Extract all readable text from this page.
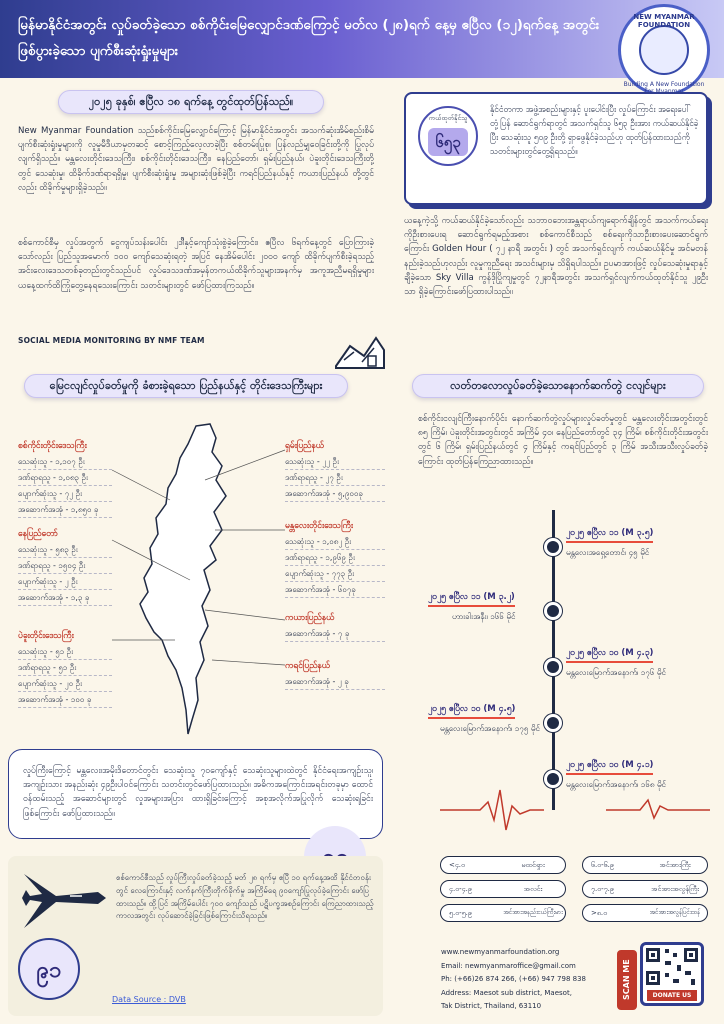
မြန်မာနိုင်ငံအတွင်း လှုပ်ခတ်ခဲ့သော စစ်ကိုင်းမြေလျှောင်ဒဏ်ကြောင့် မတ်လ (၂၈)ရက် နေ့မှ ဧပြီလ (၁၂)ရက်နေ့ အတွင်း ဖြစ်ပွားခဲ့သော ပျက်စီးဆုံးရှုံးမှုများ
NEW MYANMAR FOUNDATION
Building A New Foundation
၂၀၂၅ ခုနှစ်၊ ဧပြီလ ၁၈ ရက်နေ့ တွင်ထုတ်ပြန်သည်။
New Myanmar Foundation သည်စစ်ကိုင်းမြေလျှောင်ကြောင့် မြန်မာနိုင်ငံအတွင်း အသက်ဆုံးအိမ်စည်းစိမ် ပျက်စီးဆုံးရှုံးမှုများကို လူမှုမီဒီယာမှတဆင့် စောင့်ကြည့်လေ့လာခဲ့ပြီး စစ်တမ်းပြုစု၊ ပြန်လည်မျှဝေခြင်းတို့ကို ပြုလုပ်လျက်ရှိသည်။ မန္တလေးတိုင်းဒေသကြီး၊ စစ်ကိုင်းတိုင်းဒေသကြီး၊ နေပြည်တော်၊ ရှမ်းပြည်နယ်၊ ပဲခူးတိုင်းဒေသကြီးတို့တွင် သေဆုံးမှု၊ ထိခိုက်ဒဏ်ရာရရှိမှု၊ ပျက်စီးဆုံးရှုံးမှု အများဆုံးဖြစ်ခဲ့ပြီး ကရင်ပြည်နယ်နှင့် ကယားပြည်နယ် တို့တွင်လည်း ထိခိုက်မှုများရှိခဲ့သည်။
စစ်ကောင်စီမှ လှုပ်အတွက် ငွေကျပ်သန်းပေါင်း ၂ဒါီနှင့်ကျော်သုံးစွဲခဲ့ကြောင်း၊ ဧပြီလ ၆ရက်နေ့တွင် ပြောကြားခဲ့သော်လည်း ပြည်သူအမောက် ၁၀၀ ကျော်သေဆုံးရတဲ့ အပြင် နေအိမ်ပေါင်း ၂၀၀၀ ကျော် ထိခိုက်ပျက်စီးခဲ့ရသည့် အင်းလေးဒေသတစ်ခုတည်းတွင်သည်ပင် လှုပ်ဒေသဒဏ်အမှန်တကယ်ထိခိုက်သူများအနက်မှ အကူအညီမရရှိမှုများ ယနေ့ထက်ထိကြုံတွေ့နေရသေးကြောင်း သတင်းများတွင် ဖော်ပြထားကြသည်။
SOCIAL MEDIA MONITORING BY NMF TEAM
ကယ်ထုတ်နိုင်သူ
၆၅၃
နိုင်ငံတကာ အဖွဲ့အစည်းများနှင့် ပူးပေါင်းပြီး လှုပ်ကြောင်း အရေးပေါ် တုံ့ပြန် ဆောင်ရွက်ရာတွင် အသက်ရှင်သူ ၆၅၃ ဦးအား ကယ်ဆယ်နိုင်ခဲ့ပြီး သေဆုံးသူ ၅၀၉ ဦးတို့ ရှာဖွေနိုင်ခဲ့သည်ဟု ထုတ်ပြန်ထားသည်ကို သတင်းများတွင်တွေ့ရှိရသည်။
ယနေ့ကဲ့သို့ ကယ်ဆယ်နိုင်ခဲ့သော်လည်း သဘာဝဘေးအန္တရာယ်ကျရောက်ချိန်တွင် အသက်ကယ်ရေးကိုဦးစားပေးရ ဆောင်ရွက်ရမည့်အစား စစ်ကောင်စီသည် စစ်ရေးကိုသာဦးစားပေးဆောင်ရွက်ကြောင်း Golden Hour ( ၇၂ နာရီ အတွင်း ) တွင် အသက်ရှင်လျက် ကယ်ဆယ်နိုင်မှု အင်မတန် နည်းခဲ့သည်ဟုလည်း လူမှုကူညီရေး အသင်းများမှ သိရှိရပါသည်။ ဥပမာအားဖြင့် လှုပ်သေဆုံးမှုရာနှင့်ချီခဲ့သော Sky Villa ကွန်ဒိုပြိုကျမှုတွင် ၇၂နာရီအတွင်း အသက်ရှင်လျက်ကယ်ထုတ်နိုင်သူ ၂၉ဦးသာ ရှိခဲ့ကြောင်းဖော်ပြထားပါသည်။
မြေငလျင်လှုပ်ခတ်မှုကို ခံစားခဲ့ရသော ပြည်နယ်နှင့် တိုင်းဒေသကြီးများ
စစ်ကိုင်းတိုင်းဒေသကြီး
သေဆုံးသူ - ၁,၁၀၇ ဦး
ဒဏ်ရာရသူ - ၁,၀၈၃ ဦး
ပျောက်ဆုံးသူ - ၇၂ ဦး
အဆောက်အအုံ - ၁,၈၅၀ ခု
နေပြည်တော်
သေဆုံးသူ - ၅၈၃ ဦး
ဒဏ်ရာရသူ - ၁၅၀၄ ဦး
ပျောက်ဆုံးသူ - ၂ ဦး
အဆောက်အအုံ - ၁,၃ ခု
ပဲခူးတိုင်းဒေသကြီး
သေဆုံးသူ - ၅၁ ဦး
ဒဏ်ရာရသူ - ၅၁ ဦး
ပျောက်ဆုံးသူ - ၂၀ ဦး
အဆောက်အအုံ - ၁၀၀ ခု
ရှမ်းပြည်နယ်
သေဆုံးသူ - ၂၂ ဦး
ဒဏ်ရာရသူ - ၂၇ ဦး
အဆောက်အအုံ - ၅,၉၀၀ခု
မန္တလေးတိုင်းဒေသကြီး
သေဆုံးသူ - ၁,၀၈၂ ဦး
ဒဏ်ရာရသူ - ၁,၉၆၉ ဦး
ပျောက်ဆုံးသူ - ၇၇၃ ဦး
အဆောက်အအုံ - ၆၀၇ခု
ကယားပြည်နယ်
အဆောက်အအုံ - ၇ ခု
ကရင်ပြည်နယ်
အဆောက်အအုံ - ၂ ခု
လတ်တလောလှုပ်ခတ်ခဲ့သောနောက်ဆက်တွဲ ငလျင်များ
စစ်ကိုင်းငလျင်ကြီးနောက်ပိုင်း နောက်ဆက်တွဲလှုပ်များလှုပ်ခတ်မှုတွင် မန္တလေးတိုင်းအတွင်းတွင် ၈၅ ကြိမ်၊ ပဲခူးတိုင်းအတွင်းတွင် အကြိမ် ၄၀၊ နေပြည်တော်တွင် ၃၄ ကြိမ်၊ စစ်ကိုင်းတိုင်းအတွင်းတွင် ၆ ကြိမ်၊ ရှမ်းပြည်နယ်တွင် ၄ ကြိမ်နှင့် ကရင်ပြည်တွင် ၃ ကြိမ် အသီးအသီးလှုပ်ခတ်ခဲ့ကြောင်း ထုတ်ပြန်ကြေညာထားသည်။
၂၀၂၅ ဧပြီလ ၁၁ (M ၃.၅)
မန္တလေးအရှေ့တောင်၊ ၄၅ မိုင်
၂၀၂၅ ဧပြီလ ၁၁ (M ၃.၂)
ဟားခါးအနီး၊ ၁၆၆ မိုင်
၂၀၂၅ ဧပြီလ ၁၀ (M ၄.၃)
မန္တလေးမြောက်အနောက်၊ ၁၇၆ မိုင်
၂၀၂၅ ဧပြီလ ၁၀ (M ၄.၅)
မန္တလေးမြောက်အနောက်၊ ၁၇၅ မိုင်
၂၀၂၅ ဧပြီလ ၁၀ (M ၄.၁)
မန္တလေးမြောက်အနောက်၊ ၁၆၈ မိုင်
<၄.၀	မထင်ရှား
၄.၀-၄.၉	အလင်း
၅.၀-၅.၉	အင်အားအနည်းငယ်ကြီးမား
၆.၀-၆.၉	အင်အားကြီး
၇.၀-၇.၉	အင်အားအလွန်ကြီး
>၈.၀	အင်အားအလွန်ပြင်းထန်
လှုပ်ကြီးကြောင့် မန္တလေး၊အမိုးဒိတောင်တွင်း သေဆုံးသူ ၇၀ကျော်နှင့် သေဆုံးသူများထဲတွင် နိုင်ငံရေးအကျဉ်းသူ၊ အကျဉ်းသား အနည်းဆုံး ၄၉ဦးပါဝင်ကြောင်း သတင်းတွင်ဖော်ပြထားသည်။ အဓိကအကြောင်းအရင်းတခုမှာ ထောင်ဝန်ထမ်းသည့် အဆောင်များတွင် လှုအများအပြား ထားရှိခြင်းကြောင့် အစုအလိုက်အပြုလိုက် သေဆုံးရခြင်းဖြစ်ကြောင်း ဖော်ပြထားသည်။
စစ်ကောင်စီသည် လှုပ်ကြီးလှုပ်ခတ်ခဲ့သည့် မတ် ၂၈ ရက်မှ ဧပြီ ၁၀ ရက်နေ့အထိ နိုင်ငံတဝန်းတွင် လေကြောင်းနှင့် လက်နက်ကြီးတိုက်ခိုက်မှု အကြိမ်ရေ ၉၀ကျော်ပြုလုပ်ခဲ့ကြောင်း ဖော်ပြထားသည်။ ထို့ပြင် အကြိမ်ပေါင်း ၇၀၀ ကျော်သည် ပဋိပက္ခအစဉ်ကြောင်း ကြေညာထားသည့် ကာလအတွင်း လုပ်ဆောင်ခဲ့ခြင်းဖြစ်ကြောင်းသိရသည်။
၉၁
Data Source : DVB
www.newmyanmarfoundation.org
Email: newmyanmaroffice@gmail.com
Ph: (+66)26 874 266, (+66) 947 798 838
Address: Maesot sub district, Maesot,
Tak District, Thailand, 63110
SCAN ME	DONATE US
